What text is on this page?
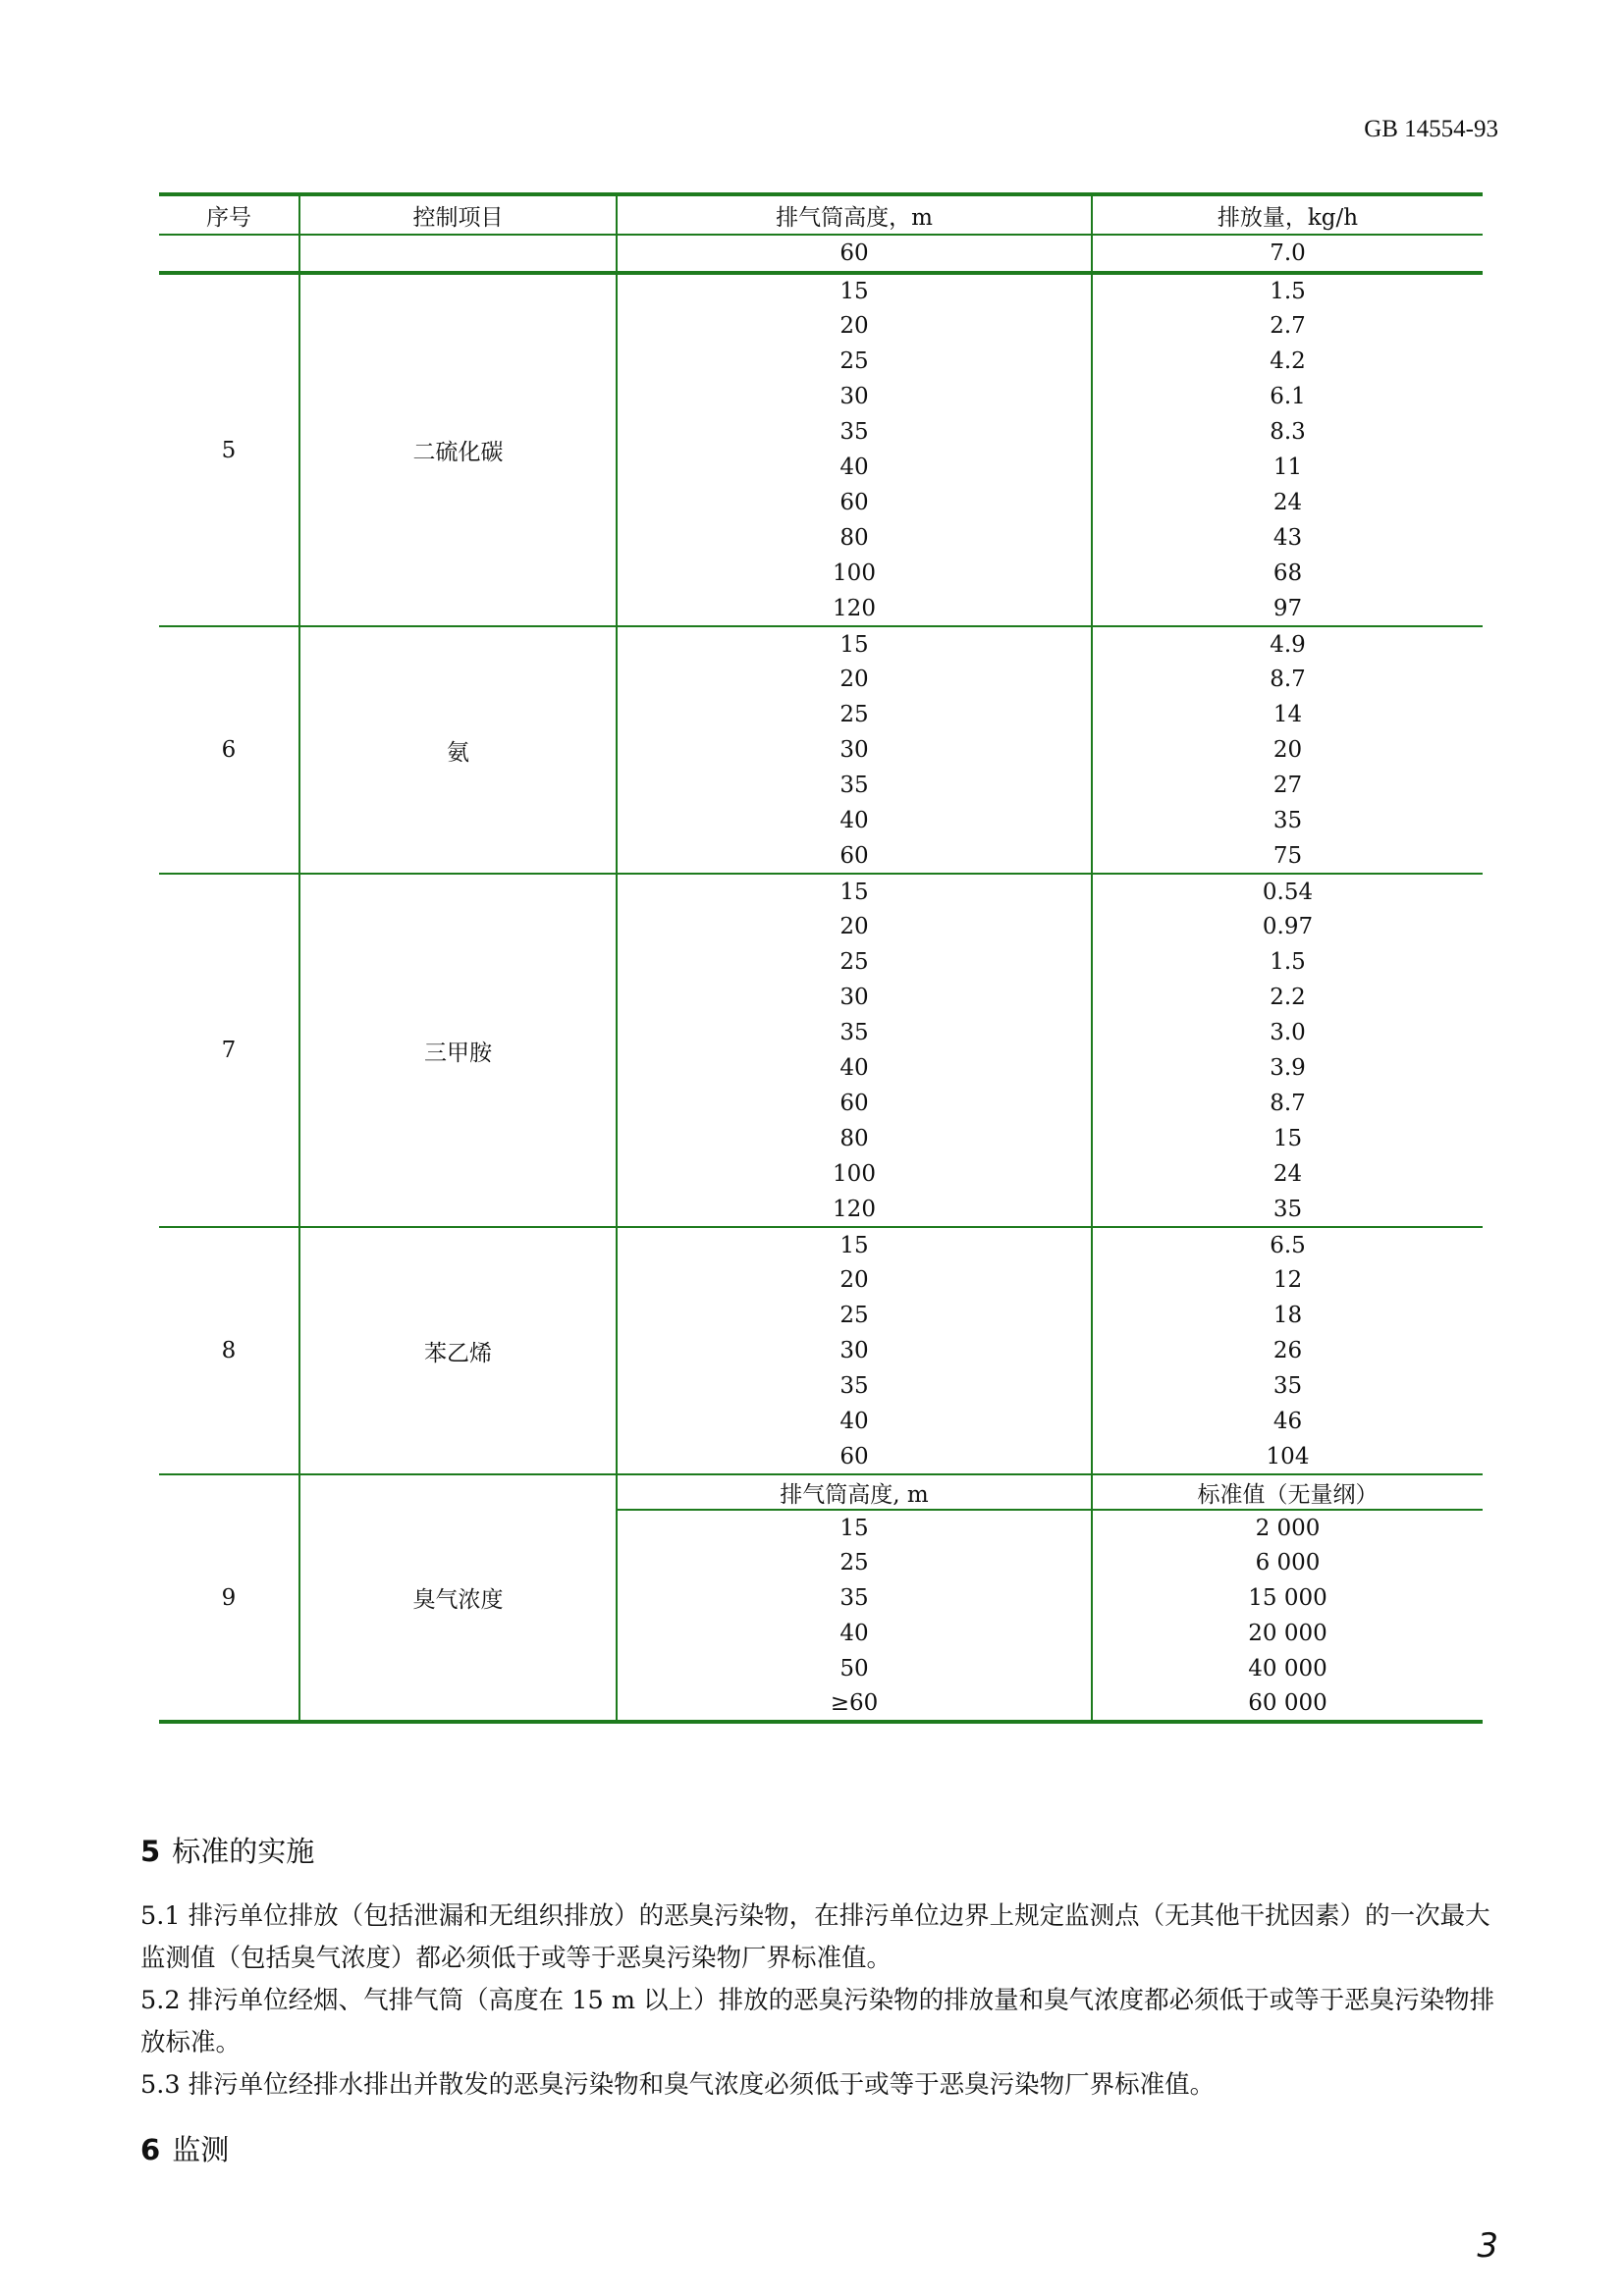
GB 14554-93
序号	控制项目	排气筒高度，m	排放量，kg/h
		60	7.0
5	二硫化碳	15	1.5
		20	2.7
		25	4.2
		30	6.1
		35	8.3
		40	11
		60	24
		80	43
		100	68
		120	97
6	氨	15	4.9
		20	8.7
		25	14
		30	20
		35	27
		40	35
		60	75
7	三甲胺	15	0.54
		20	0.97
		25	1.5
		30	2.2
		35	3.0
		40	3.9
		60	8.7
		80	15
		100	24
		120	35
8	苯乙烯	15	6.5
		20	12
		25	18
		30	26
		35	35
		40	46
		60	104
9	臭气浓度	排气筒高度, m	标准值（无量纲）
		15	2 000
		25	6 000
		35	15 000
		40	20 000
		50	40 000
		≥60	60 000
5 标准的实施
5.1 排污单位排放（包括泄漏和无组织排放）的恶臭污染物，在排污单位边界上规定监测点（无其他干扰因素）的一次最大监测值（包括臭气浓度）都必须低于或等于恶臭污染物厂界标准值。
5.2 排污单位经烟、气排气筒（高度在 15 m 以上）排放的恶臭污染物的排放量和臭气浓度都必须低于或等于恶臭污染物排放标准。
5.3 排污单位经排水排出并散发的恶臭污染物和臭气浓度必须低于或等于恶臭污染物厂界标准值。
6 监测
3
